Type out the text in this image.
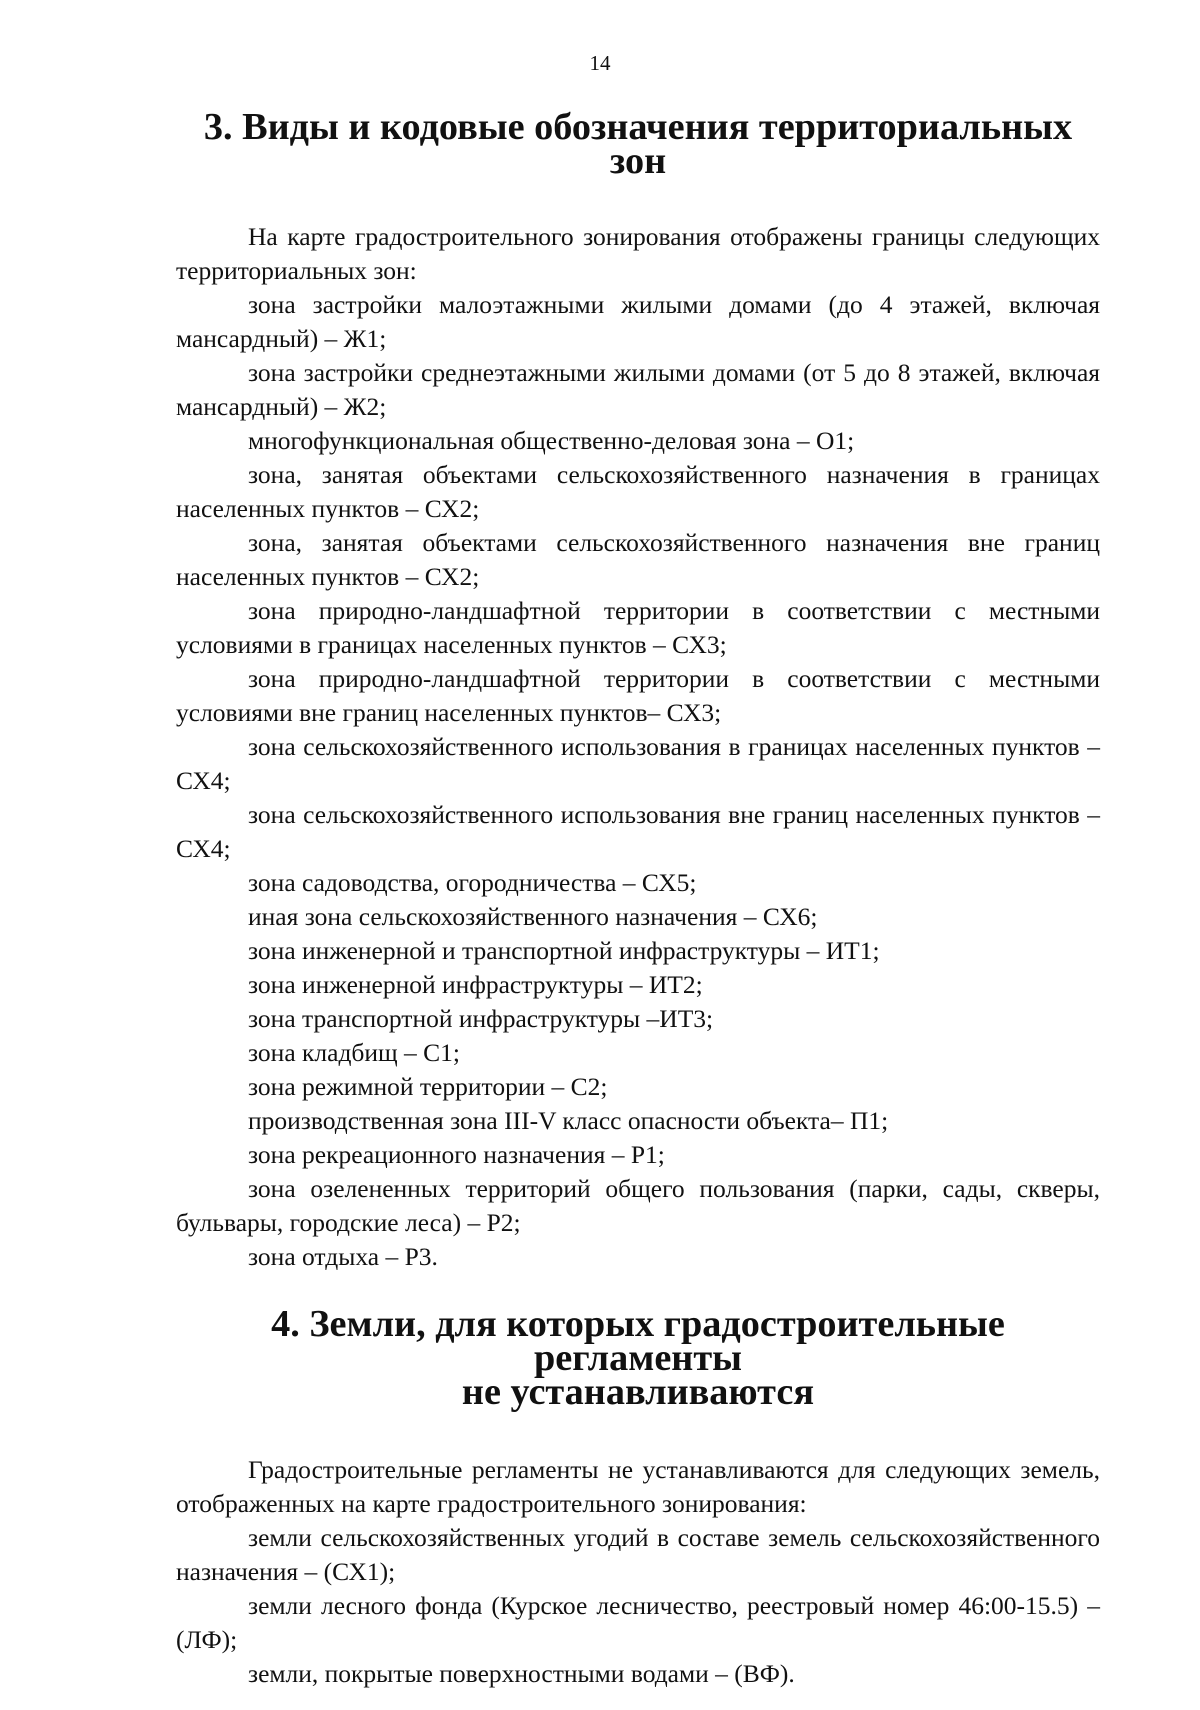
14
3. Виды и кодовые обозначения территориальных зон

На карте градостроительного зонирования отображены границы следующих территориальных зон:

зона застройки малоэтажными жилыми домами (до 4 этажей, включая мансардный) – Ж1;

зона застройки среднеэтажными жилыми домами (от 5 до 8 этажей, включая мансардный) – Ж2;

многофункциональная общественно-деловая зона – О1;

зона, занятая объектами сельскохозяйственного назначения в границах населенных пунктов – СХ2;

зона, занятая объектами сельскохозяйственного назначения вне границ населенных пунктов – СХ2;

зона природно-ландшафтной территории в соответствии с местными условиями в границах населенных пунктов – СХ3;

зона природно-ландшафтной территории в соответствии с местными условиями вне границ населенных пунктов– СХ3;

зона сельскохозяйственного использования в границах населенных пунктов – СХ4;

зона сельскохозяйственного использования вне границ населенных пунктов – СХ4;

зона садоводства, огородничества – СХ5;

иная зона сельскохозяйственного назначения – СХ6;

зона инженерной и транспортной инфраструктуры – ИТ1;

зона инженерной инфраструктуры – ИТ2;

зона транспортной инфраструктуры –ИТ3;

зона кладбищ – С1;

зона режимной территории – С2;

производственная зона III-V класс опасности объекта– П1;

зона рекреационного назначения – Р1;

зона озелененных территорий общего пользования (парки, сады, скверы, бульвары, городские леса) – Р2;

зона отдыха – Р3.

4. Земли, для которых градостроительные регламенты
не устанавливаются

Градостроительные регламенты не устанавливаются для следующих земель, отображенных на карте градостроительного зонирования:

земли сельскохозяйственных угодий в составе земель сельскохозяйственного назначения – (СХ1);

земли лесного фонда (Курское лесничество, реестровый номер 46:00-15.5) – (ЛФ);

земли, покрытые поверхностными водами – (ВФ).
